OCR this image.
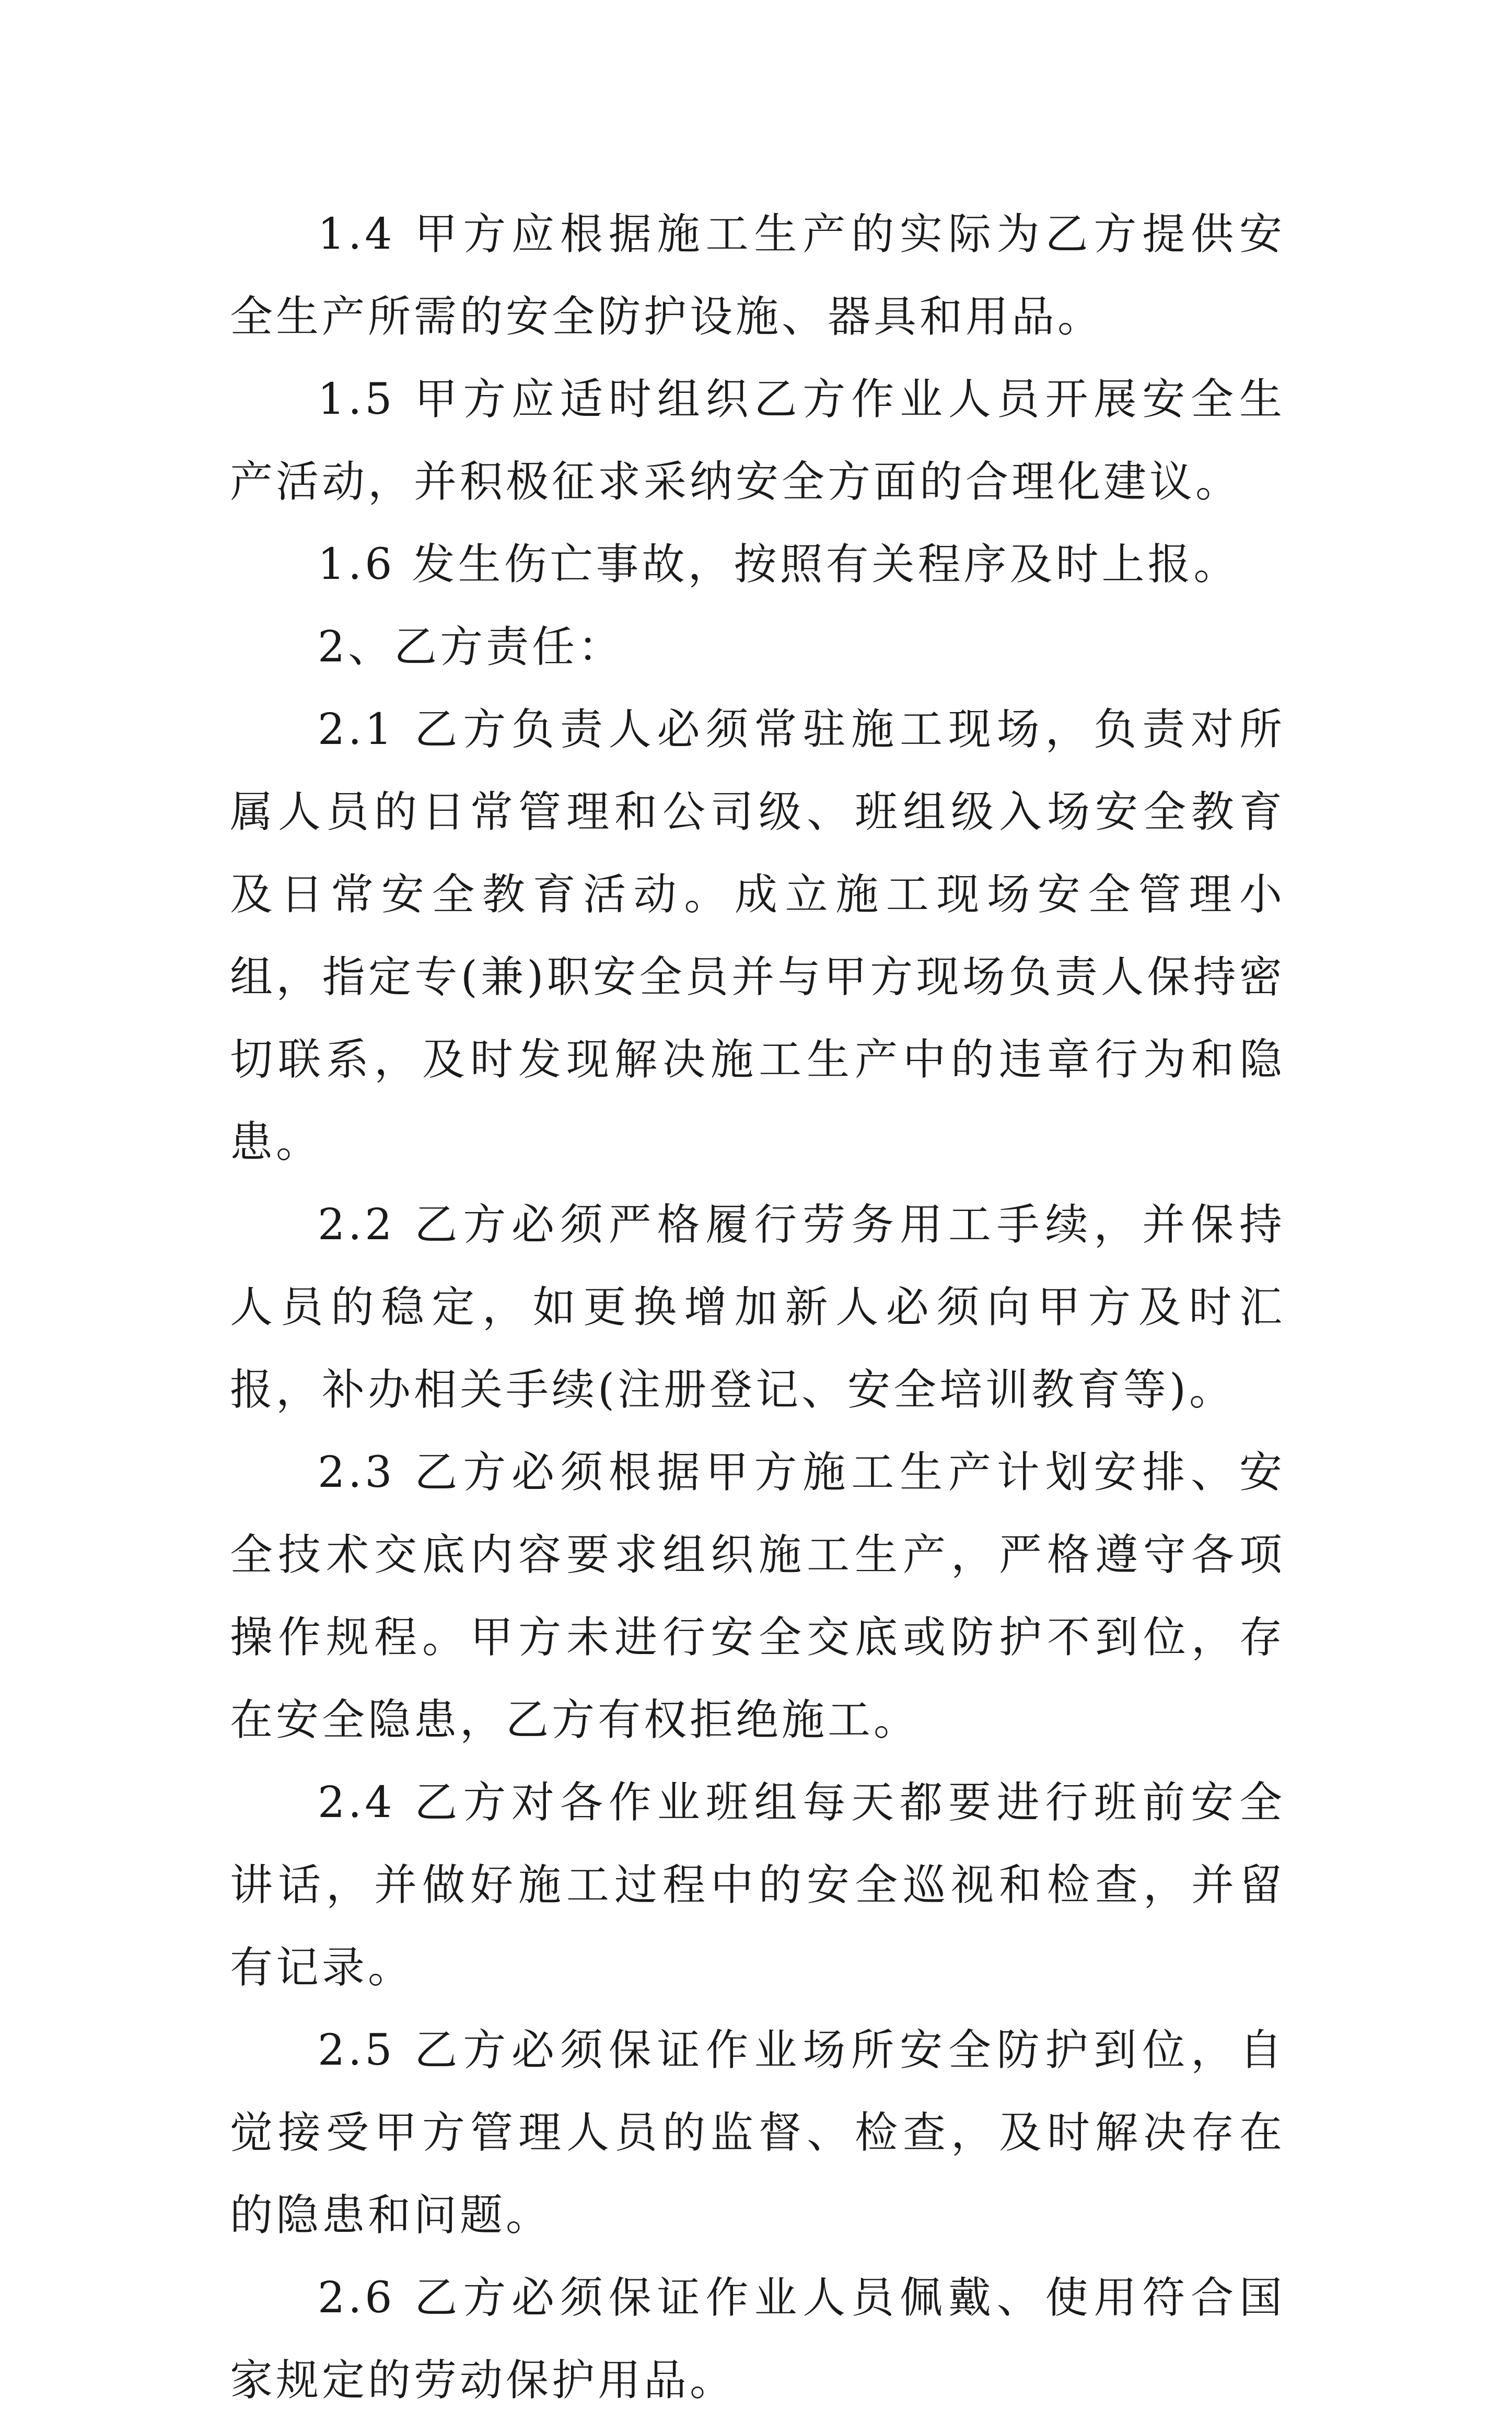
1.4 甲方应根据施工生产的实际为乙方提供安全生产所需的安全防护设施、器具和用品。

1.5 甲方应适时组织乙方作业人员开展安全生产活动，并积极征求采纳安全方面的合理化建议。

1.6 发生伤亡事故，按照有关程序及时上报。

2、乙方责任：

2.1 乙方负责人必须常驻施工现场，负责对所属人员的日常管理和公司级、班组级入场安全教育及日常安全教育活动。成立施工现场安全管理小组，指定专(兼)职安全员并与甲方现场负责人保持密切联系，及时发现解决施工生产中的违章行为和隐患。

2.2 乙方必须严格履行劳务用工手续，并保持人员的稳定，如更换增加新人必须向甲方及时汇报，补办相关手续(注册登记、安全培训教育等)。

2.3 乙方必须根据甲方施工生产计划安排、安全技术交底内容要求组织施工生产，严格遵守各项操作规程。甲方未进行安全交底或防护不到位，存在安全隐患，乙方有权拒绝施工。

2.4 乙方对各作业班组每天都要进行班前安全讲话，并做好施工过程中的安全巡视和检查，并留有记录。

2.5 乙方必须保证作业场所安全防护到位，自觉接受甲方管理人员的监督、检查，及时解决存在的隐患和问题。

2.6 乙方必须保证作业人员佩戴、使用符合国家规定的劳动保护用品。
